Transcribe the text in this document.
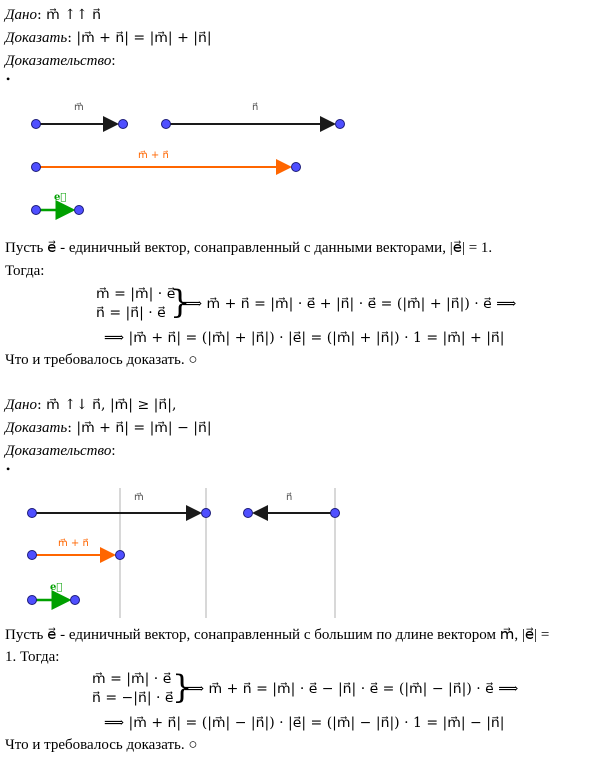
Дано: m⃗ ↑↑ n⃗
Доказать: |m⃗ + n⃗| = |m⃗| + |n⃗|
Доказательство:
•
m⃗	n⃗
m⃗ + n⃗
e⃗
Пусть e⃗ - единичный вектор, сонаправленный с данными векторами, |e⃗| = 1.
Тогда:
m⃗ = |m⃗| · e⃗
n⃗ = |n⃗| · e⃗ }
⟹ m⃗ + n⃗ = |m⃗| · e⃗ + |n⃗| · e⃗ = (|m⃗| + |n⃗|) · e⃗ ⟹
⟹ |m⃗ + n⃗| = (|m⃗| + |n⃗|) · |e⃗| = (|m⃗| + |n⃗|) · 1 = |m⃗| + |n⃗|
Что и требовалось доказать. ○
Дано: m⃗ ↑↓ n⃗, |m⃗| ≥ |n⃗|,
Доказать: |m⃗ + n⃗| = |m⃗| − |n⃗|
Доказательство:
•
m⃗	n⃗
m⃗ + n⃗
e⃗
Пусть e⃗ - единичный вектор, сонаправленный с большим по длине вектором m⃗, |e⃗| =
1. Тогда:
m⃗ = |m⃗| · e⃗
n⃗ = −|n⃗| · e⃗
}
⟹ m⃗ + n⃗ = |m⃗| · e⃗ − |n⃗| · e⃗ = (|m⃗| − |n⃗|) · e⃗ ⟹
⟹ |m⃗ + n⃗| = (|m⃗| − |n⃗|) · |e⃗| = (|m⃗| − |n⃗|) · 1 = |m⃗| − |n⃗|
Что и требовалось доказать. ○
